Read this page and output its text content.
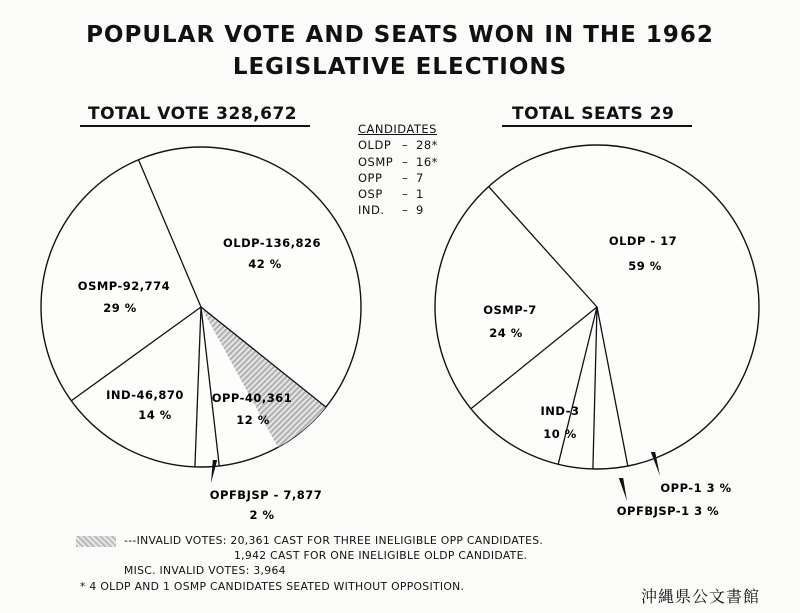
POPULAR VOTE AND SEATS WON IN THE 1962
LEGISLATIVE ELECTIONS
TOTAL VOTE 328,672	TOTAL SEATS 29
CANDIDATES
OLDP – 28*
OSMP – 16*
OPP – 7
OSP – 1
IND. – 9
OLDP-136,826
42 %
OPP-40,361
12 %
OPFBJSP - 7,877
2 %
IND-46,870
14 %
OSMP-92,774
29 %
OLDP - 17
59 %
OPP-1 3 %
OPFBJSP-1 3 %
IND-3
10 %
OSMP-7
24 %
---INVALID VOTES: 20,361 CAST FOR THREE INELIGIBLE OPP CANDIDATES.
1,942 CAST FOR ONE INELIGIBLE OLDP CANDIDATE.
MISC. INVALID VOTES: 3,964
* 4 OLDP AND 1 OSMP CANDIDATES SEATED WITHOUT OPPOSITION.
沖縄県公文書館
